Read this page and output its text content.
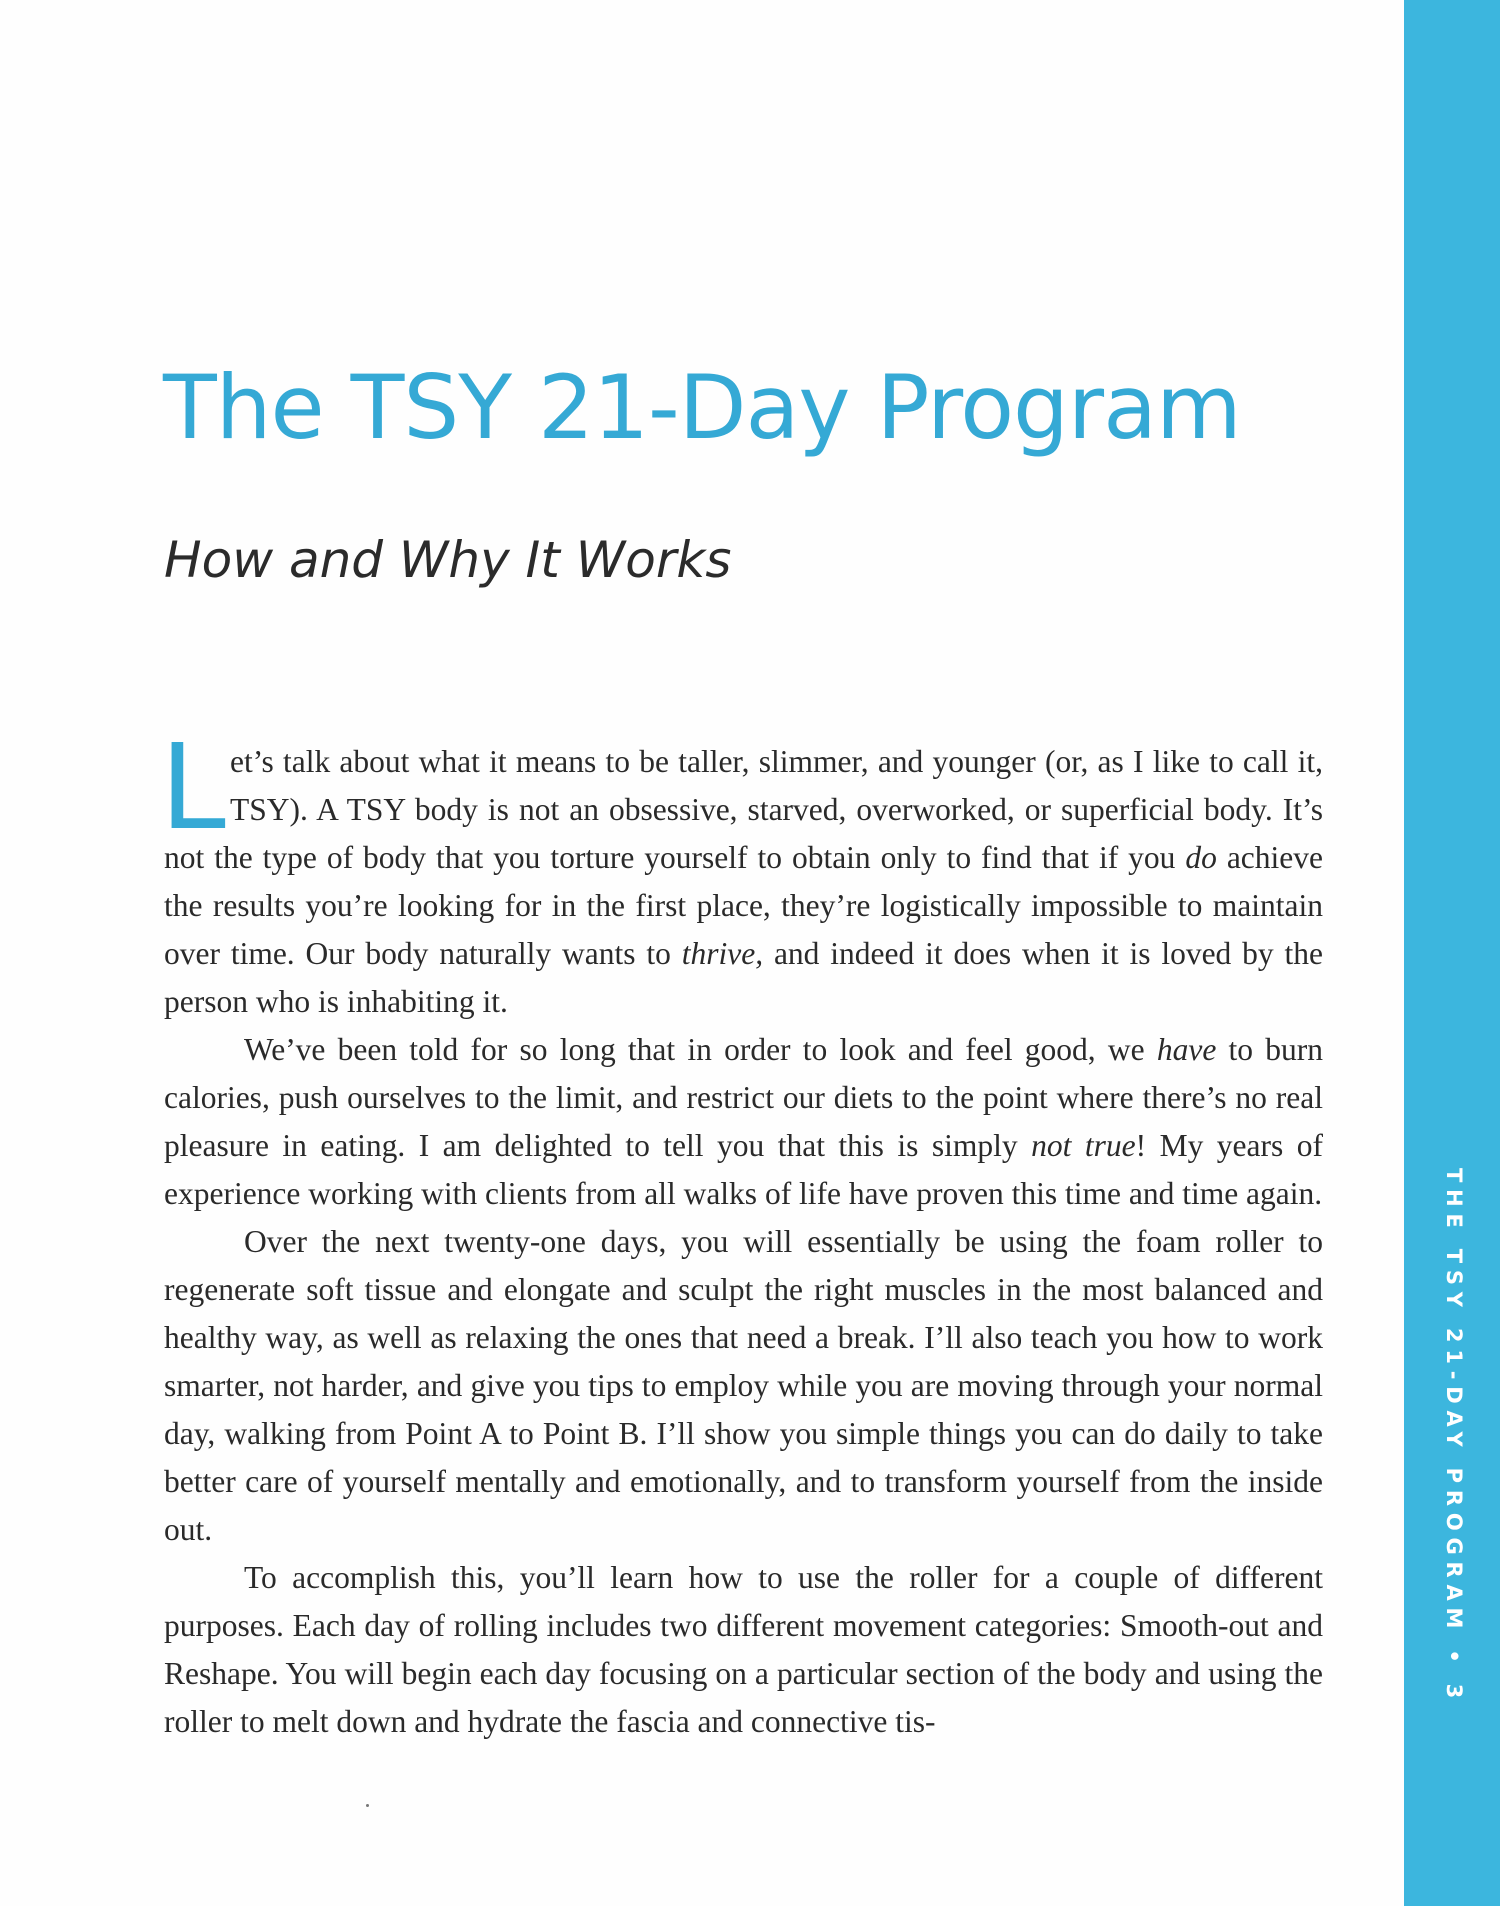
THE TSY 21-DAY PROGRAM • 3
The TSY 21-Day Program
How and Why It Works

Let’s talk about what it means to be taller, slimmer, and younger (or, as I like to call it, TSY). A TSY body is not an obsessive, starved, overworked, or superficial body. It’s not the type of body that you torture yourself to obtain only to find that if you do achieve the results you’re looking for in the first place, they’re logistically impossible to maintain over time. Our body naturally wants to thrive, and indeed it does when it is loved by the person who is inhabiting it.

We’ve been told for so long that in order to look and feel good, we have to burn calories, push ourselves to the limit, and restrict our diets to the point where there’s no real pleasure in eating. I am delighted to tell you that this is simply not true! My years of experience working with clients from all walks of life have proven this time and time again.

Over the next twenty-one days, you will essentially be using the foam roller to regenerate soft tissue and elongate and sculpt the right muscles in the most balanced and healthy way, as well as relaxing the ones that need a break. I’ll also teach you how to work smarter, not harder, and give you tips to employ while you are moving through your normal day, walking from Point A to Point B. I’ll show you simple things you can do daily to take better care of yourself mentally and emotionally, and to transform yourself from the inside out.

To accomplish this, you’ll learn how to use the roller for a couple of different purposes. Each day of rolling includes two different movement categories: Smooth-out and Reshape. You will begin each day focusing on a particular section of the body and using the roller to melt down and hydrate the fascia and connective tis-
